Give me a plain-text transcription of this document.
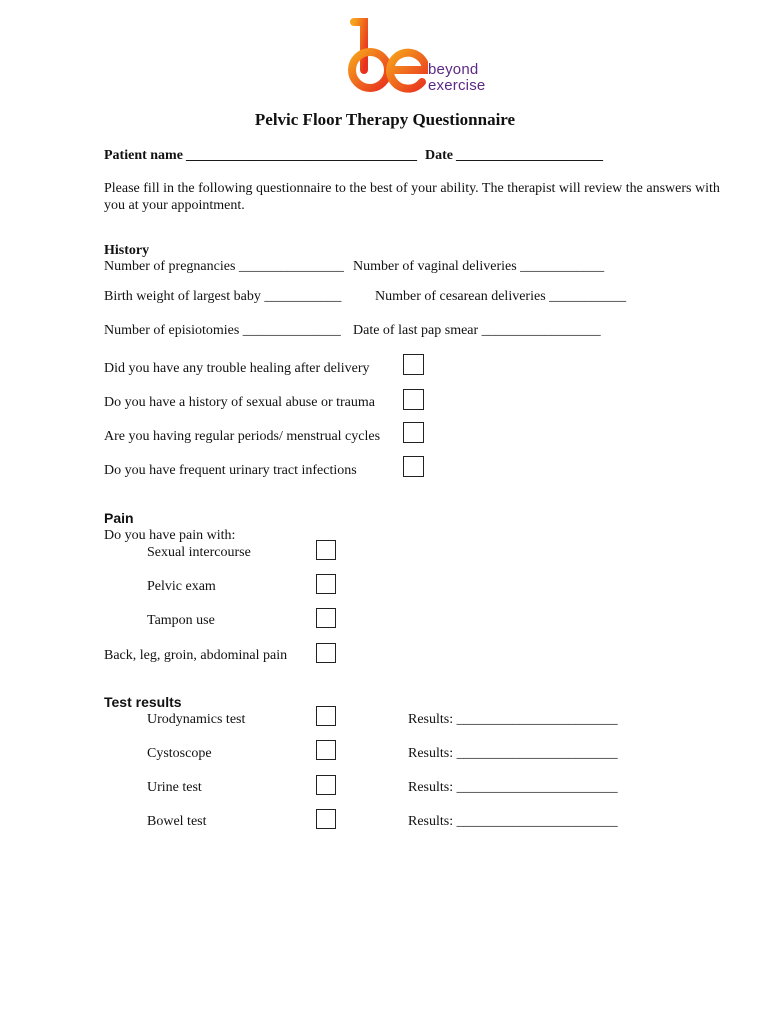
beyond
exercise
Pelvic Floor Therapy Questionnaire
Patient name _________________________________ Date _____________________
Please fill in the following questionnaire to the best of your ability. The therapist will review the answers with you at your appointment.
History
Number of pregnancies _______________ Number of vaginal deliveries ____________
Birth weight of largest baby ___________ Number of cesarean deliveries ___________
Number of episiotomies ______________ Date of last pap smear _________________
Did you have any trouble healing after delivery
Do you have a history of sexual abuse or trauma
Are you having regular periods/ menstrual cycles
Do you have frequent urinary tract infections
Pain
Do you have pain with:
Sexual intercourse
Pelvic exam
Tampon use
Back, leg, groin, abdominal pain
Test results
Urodynamics test	Results: _______________________
Cystoscope	Results: _______________________
Urine test	Results: _______________________
Bowel test	Results: _______________________
